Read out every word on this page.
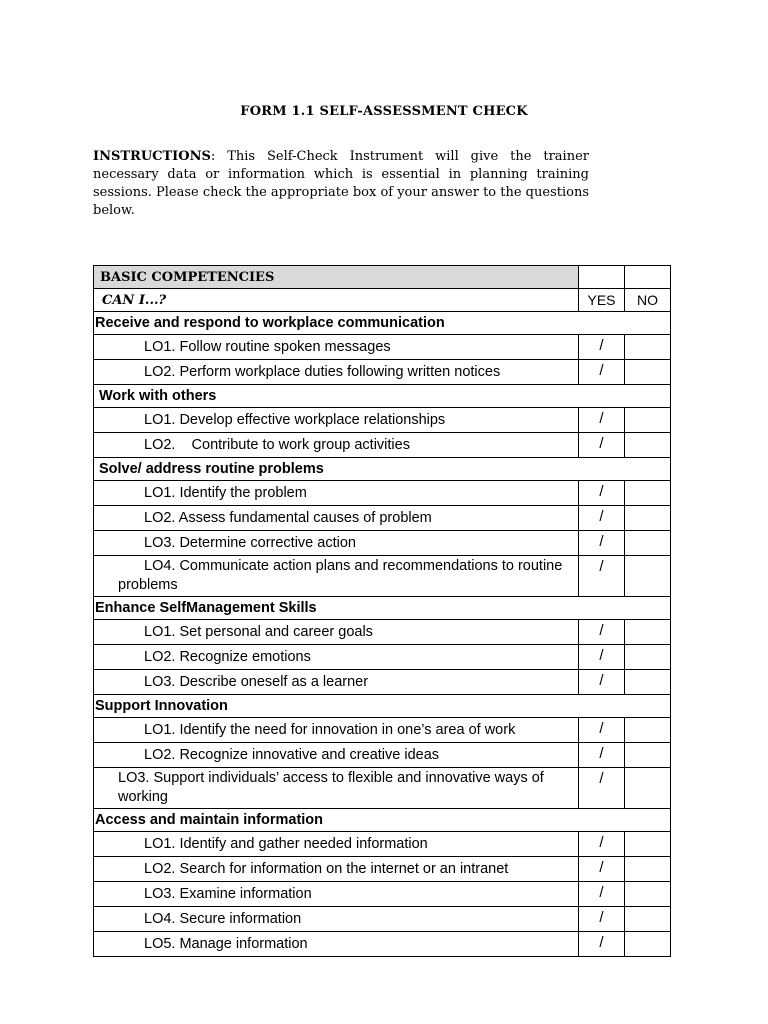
FORM 1.1 SELF-ASSESSMENT CHECK
INSTRUCTIONS: This Self-Check Instrument will give the trainer necessary data or information which is essential in planning training sessions. Please check the appropriate box of your answer to the questions below.
BASIC COMPETENCIES		
CAN I...?	YES	NO
Receive and respond to workplace communication		
LO1. Follow routine spoken messages	/	
LO2. Perform workplace duties following written notices	/	
Work with others		
LO1. Develop effective workplace relationships	/	
LO2.    Contribute to work group activities	/	
Solve/ address routine problems		
LO1. Identify the problem	/	
LO2. Assess fundamental causes of problem	/	
LO3. Determine corrective action	/	
LO4. Communicate action plans and recommendations to routine problems	/	
Enhance SelfManagement Skills		
LO1. Set personal and career goals	/	
LO2. Recognize emotions	/	
LO3. Describe oneself as a learner	/	
Support Innovation		
LO1. Identify the need for innovation in one’s area of work	/	
LO2. Recognize innovative and creative ideas	/	
LO3. Support individuals’ access to flexible and innovative ways of working	/	
Access and maintain information		
LO1. Identify and gather needed information	/	
LO2. Search for information on the internet or an intranet	/	
LO3. Examine information	/	
LO4. Secure information	/	
LO5. Manage information	/	
